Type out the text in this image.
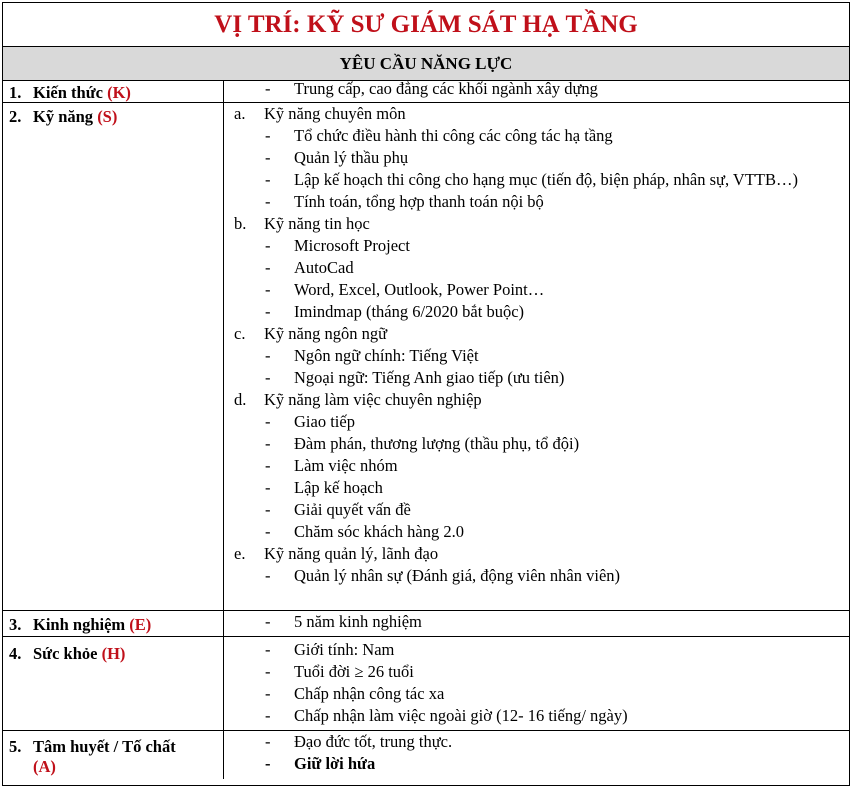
VỊ TRÍ: KỸ SƯ GIÁM SÁT HẠ TẦNG
YÊU CẦU NĂNG LỰC
1. Kiến thức (K)	-	Trung cấp, cao đẳng các khối ngành xây dựng
2. Kỹ năng (S)	a.	Kỹ năng chuyên môn
-	Tổ chức điều hành thi công các công tác hạ tầng
-	Quản lý thầu phụ
-	Lập kế hoạch thi công cho hạng mục (tiến độ, biện pháp, nhân sự, VTTB…)
-	Tính toán, tổng hợp thanh toán nội bộ
b.	Kỹ năng tin học
-	Microsoft Project
-	AutoCad
-	Word, Excel, Outlook, Power Point…
-	Imindmap (tháng 6/2020 bắt buộc)
c.	Kỹ năng ngôn ngữ
-	Ngôn ngữ chính: Tiếng Việt
-	Ngoại ngữ: Tiếng Anh giao tiếp (ưu tiên)
d.	Kỹ năng làm việc chuyên nghiệp
-	Giao tiếp
-	Đàm phán, thương lượng (thầu phụ, tổ đội)
-	Làm việc nhóm
-	Lập kế hoạch
-	Giải quyết vấn đề
-	Chăm sóc khách hàng 2.0
e.	Kỹ năng quản lý, lãnh đạo
-	Quản lý nhân sự (Đánh giá, động viên nhân viên)
3. Kinh nghiệm (E)	-	5 năm kinh nghiệm
4. Sức khỏe (H)	-	Giới tính: Nam
-	Tuổi đời ≥ 26 tuổi
-	Chấp nhận công tác xa
-	Chấp nhận làm việc ngoài giờ (12- 16 tiếng/ ngày)
5. Tâm huyết / Tố chất
(A)
-	Đạo đức tốt, trung thực.
-	Giữ lời hứa
